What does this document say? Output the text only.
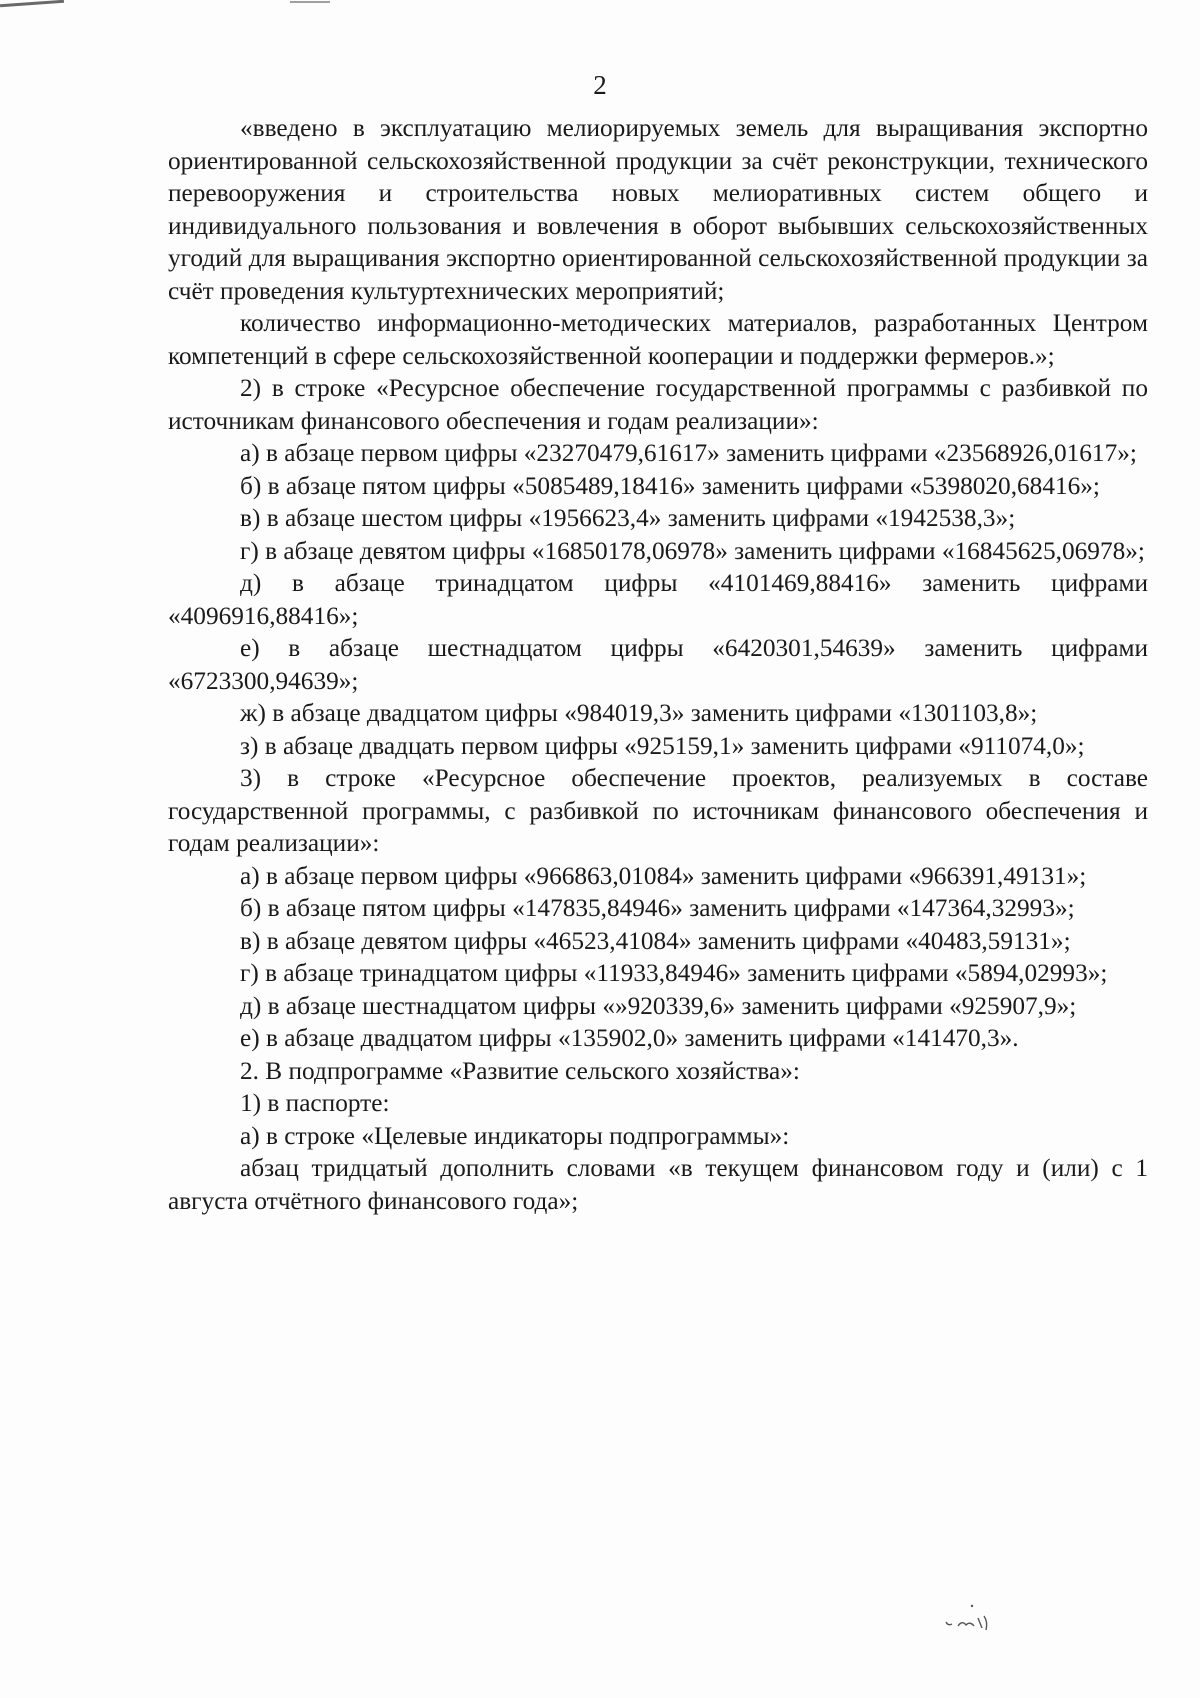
2

«введено в эксплуатацию мелиорируемых земель для выращивания экспортно ориентированной сельскохозяйственной продукции за счёт реконструкции, технического перевооружения и строительства новых мелиоративных систем общего и индивидуального пользования и вовлечения в оборот выбывших сельскохозяйственных угодий для выращивания экспортно ориентированной сельскохозяйственной продукции за счёт проведения культуртехнических мероприятий;

количество информационно-методических материалов, разработанных Центром компетенций в сфере сельскохозяйственной кооперации и поддержки фермеров.»;

2) в строке «Ресурсное обеспечение государственной программы с разбивкой по источникам финансового обеспечения и годам реализации»:

а) в абзаце первом цифры «23270479,61617» заменить цифрами «23568926,01617»;

б) в абзаце пятом цифры «5085489,18416» заменить цифрами «5398020,68416»;

в) в абзаце шестом цифры «1956623,4» заменить цифрами «1942538,3»;

г) в абзаце девятом цифры «16850178,06978» заменить цифрами «16845625,06978»;

д) в абзаце тринадцатом цифры «4101469,88416» заменить цифрами «4096916,88416»;

е) в абзаце шестнадцатом цифры «6420301,54639» заменить цифрами «6723300,94639»;

ж) в абзаце двадцатом цифры «984019,3» заменить цифрами «1301103,8»;

з) в абзаце двадцать первом цифры «925159,1» заменить цифрами «911074,0»;

3) в строке «Ресурсное обеспечение проектов, реализуемых в составе государственной программы, с разбивкой по источникам финансового обеспечения и годам реализации»:

а) в абзаце первом цифры «966863,01084» заменить цифрами «966391,49131»;

б) в абзаце пятом цифры «147835,84946» заменить цифрами «147364,32993»;

в) в абзаце девятом цифры «46523,41084» заменить цифрами «40483,59131»;

г) в абзаце тринадцатом цифры «11933,84946» заменить цифрами «5894,02993»;

д) в абзаце шестнадцатом цифры «»920339,6» заменить цифрами «925907,9»;

е) в абзаце двадцатом цифры «135902,0» заменить цифрами «141470,3».

2. В подпрограмме «Развитие сельского хозяйства»:

1) в паспорте:

а) в строке «Целевые индикаторы подпрограммы»:

абзац тридцатый дополнить словами «в текущем финансовом году и (или) с 1 августа отчётного финансового года»;
